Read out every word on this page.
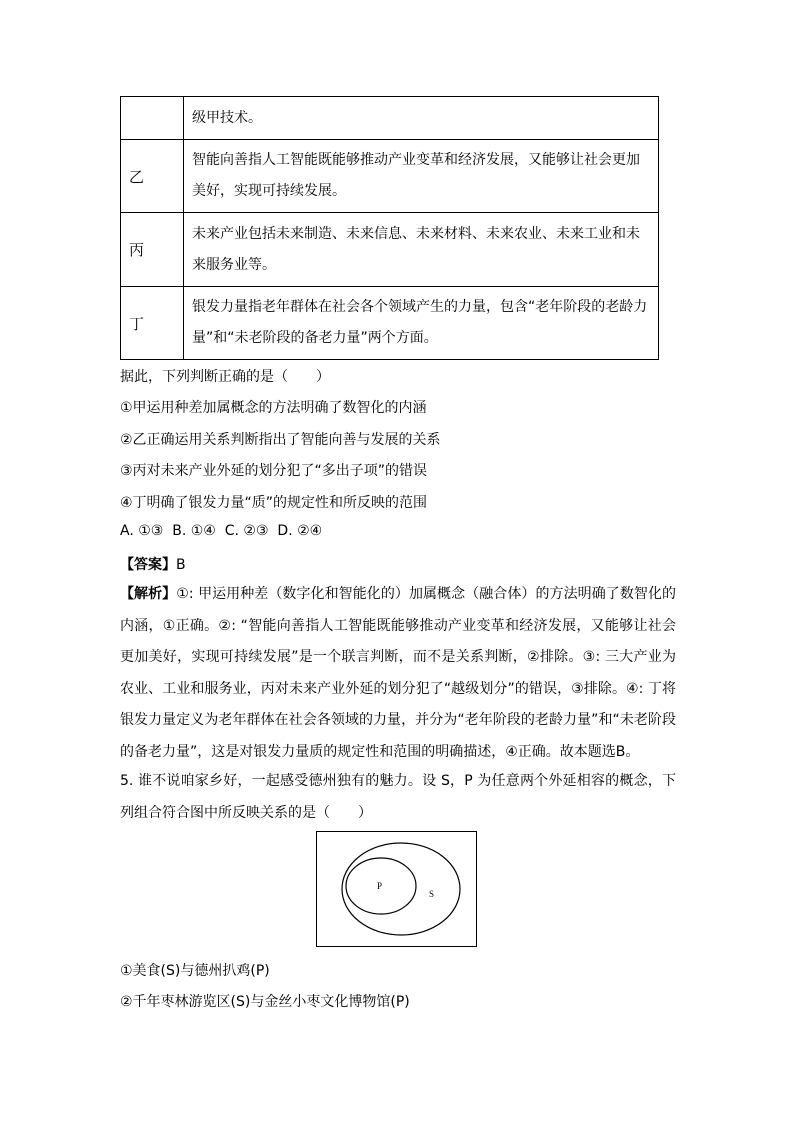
	级甲技术。
乙	智能向善指人工智能既能够推动产业变革和经济发展，又能够让社会更加美好，实现可持续发展。
丙	未来产业包括未来制造、未来信息、未来材料、未来农业、未来工业和未来服务业等。
丁	银发力量指老年群体在社会各个领域产生的力量，包含“老年阶段的老龄力量”和“未老阶段的备老力量”两个方面。
据此，下列判断正确的是（　　）
①甲运用种差加属概念的方法明确了数智化的内涵
②乙正确运用关系判断指出了智能向善与发展的关系
③丙对未来产业外延的划分犯了“多出子项”的错误
④丁明确了银发力量“质”的规定性和所反映的范围
A. ①③  B. ①④  C. ②③  D. ②④
【答案】B
【解析】①: 甲运用种差（数字化和智能化的）加属概念（融合体）的方法明确了数智化的内涵，①正确。②: “智能向善指人工智能既能够推动产业变革和经济发展，又能够让社会更加美好，实现可持续发展”是一个联言判断，而不是关系判断，②排除。③: 三大产业为农业、工业和服务业，丙对未来产业外延的划分犯了“越级划分”的错误，③排除。④: 丁将银发力量定义为老年群体在社会各领域的力量，并分为“老年阶段的老龄力量”和“未老阶段的备老力量”，这是对银发力量质的规定性和范围的明确描述，④正确。故本题选B。
5. 谁不说咱家乡好，一起感受德州独有的魅力。设 S，P 为任意两个外延相容的概念，下列组合符合图中所反映关系的是（　　）
P
S
①美食(S)与德州扒鸡(P)
②千年枣林游览区(S)与金丝小枣文化博物馆(P)
